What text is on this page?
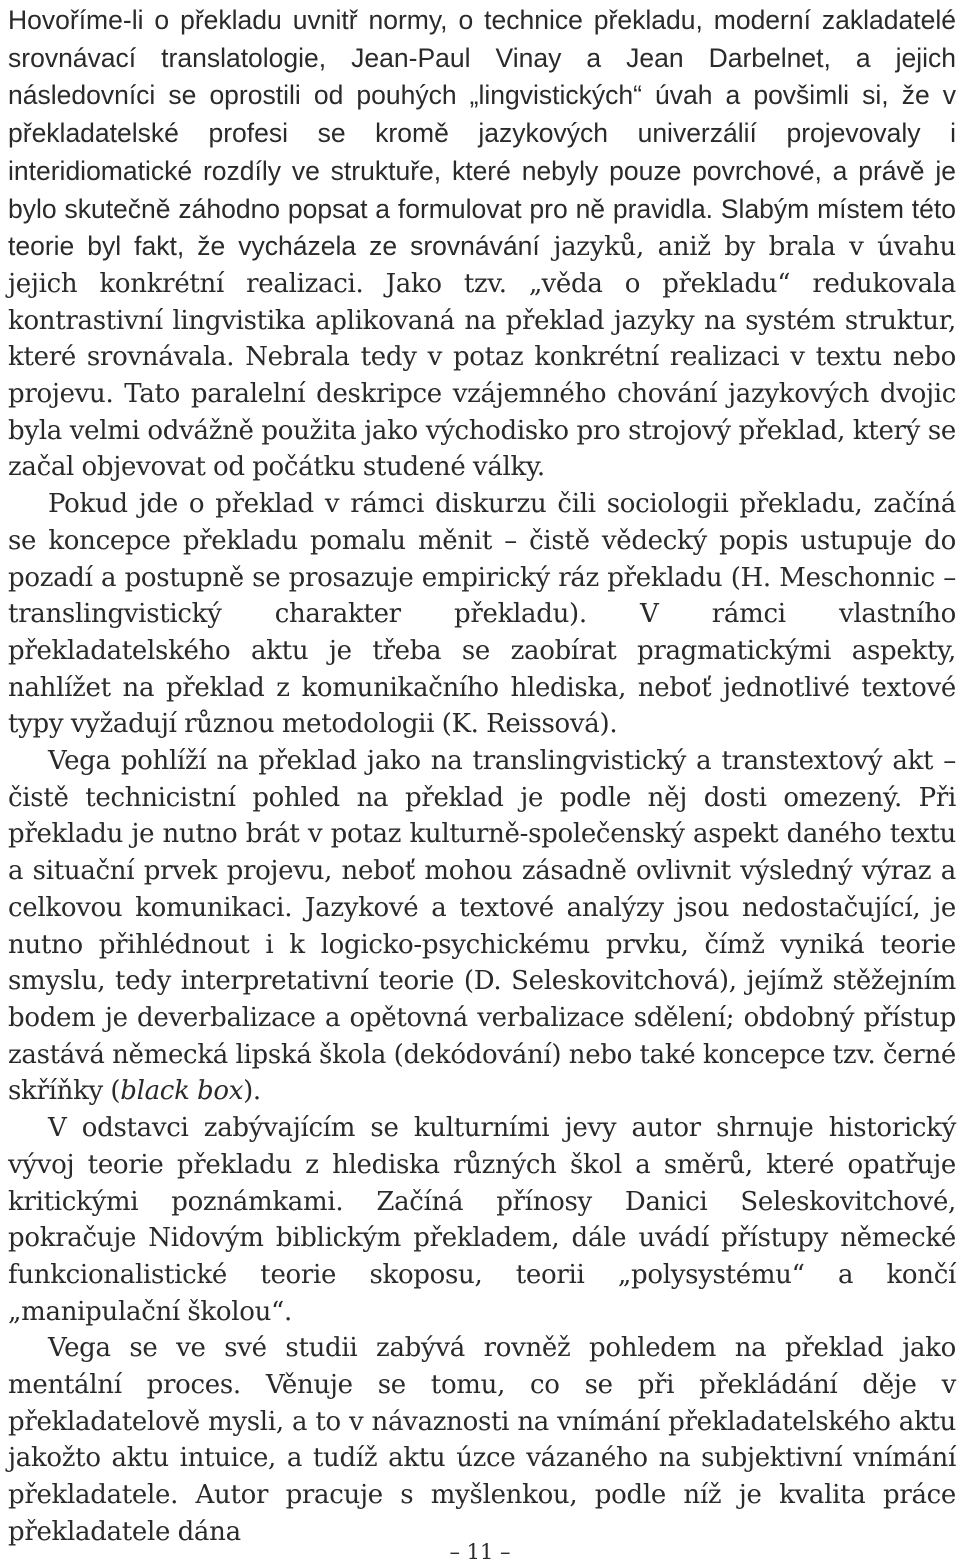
Hovoříme-li o překladu uvnitř normy, o technice překladu, moderní zakladatelé srovnávací translatologie, Jean-Paul Vinay a Jean Darbelnet, a jejich následovníci se oprostili od pouhých „lingvistických“ úvah a povšimli si, že v překladatelské profesi se kromě jazykových univerzálií projevovaly i interidiomatické rozdíly ve struktuře, které nebyly pouze povrchové, a právě je bylo skutečně záhodno popsat a formulovat pro ně pravidla. Slabým místem této teorie byl fakt, že vycházela ze srovnávání jazyků, aniž by brala v úvahu jejich konkrétní realizaci. Jako tzv. „věda o překladu“ redukovala kontrastivní lingvistika aplikovaná na překlad jazyky na systém struktur, které srovnávala. Nebrala tedy v potaz konkrétní realizaci v textu nebo projevu. Tato paralelní deskripce vzájemného chování jazykových dvojic byla velmi odvážně použita jako východisko pro strojový překlad, který se začal objevovat od počátku studené války.

Pokud jde o překlad v rámci diskurzu čili sociologii překladu, začíná se koncepce překladu pomalu měnit – čistě vědecký popis ustupuje do pozadí a postupně se prosazuje empirický ráz překladu (H. Meschonnic – translingvistický charakter překladu). V rámci vlastního překladatelského aktu je třeba se zaobírat pragmatickými aspekty, nahlížet na překlad z komunikačního hlediska, neboť jednotlivé textové typy vyžadují různou metodologii (K. Reissová).

Vega pohlíží na překlad jako na translingvistický a transtextový akt – čistě technicistní pohled na překlad je podle něj dosti omezený. Při překladu je nutno brát v potaz kulturně-společenský aspekt daného textu a situační prvek projevu, neboť mohou zásadně ovlivnit výsledný výraz a celkovou komunikaci. Jazykové a textové analýzy jsou nedostačující, je nutno přihlédnout i k logicko-psychickému prvku, čímž vyniká teorie smyslu, tedy interpretativní teorie (D. Seleskovitchová), jejímž stěžejním bodem je deverbalizace a opětovná verbalizace sdělení; obdobný přístup zastává německá lipská škola (dekódování) nebo také koncepce tzv. černé skříňky (black box).

V odstavci zabývajícím se kulturními jevy autor shrnuje historický vývoj teorie překladu z hlediska různých škol a směrů, které opatřuje kritickými poznámkami. Začíná přínosy Danici Seleskovitchové, pokračuje Nidovým biblickým překladem, dále uvádí přístupy německé funkcionalistické teorie skoposu, teorii „polysystému“ a končí „manipulační školou“.

Vega se ve své studii zabývá rovněž pohledem na překlad jako mentální proces. Věnuje se tomu, co se při překládání děje v překladatelově mysli, a to v návaznosti na vnímání překladatelského aktu jakožto aktu intuice, a tudíž aktu úzce vázaného na subjektivní vnímání překladatele. Autor pracuje s myšlenkou, podle níž je kvalita práce překladatele dána

– 11 –
